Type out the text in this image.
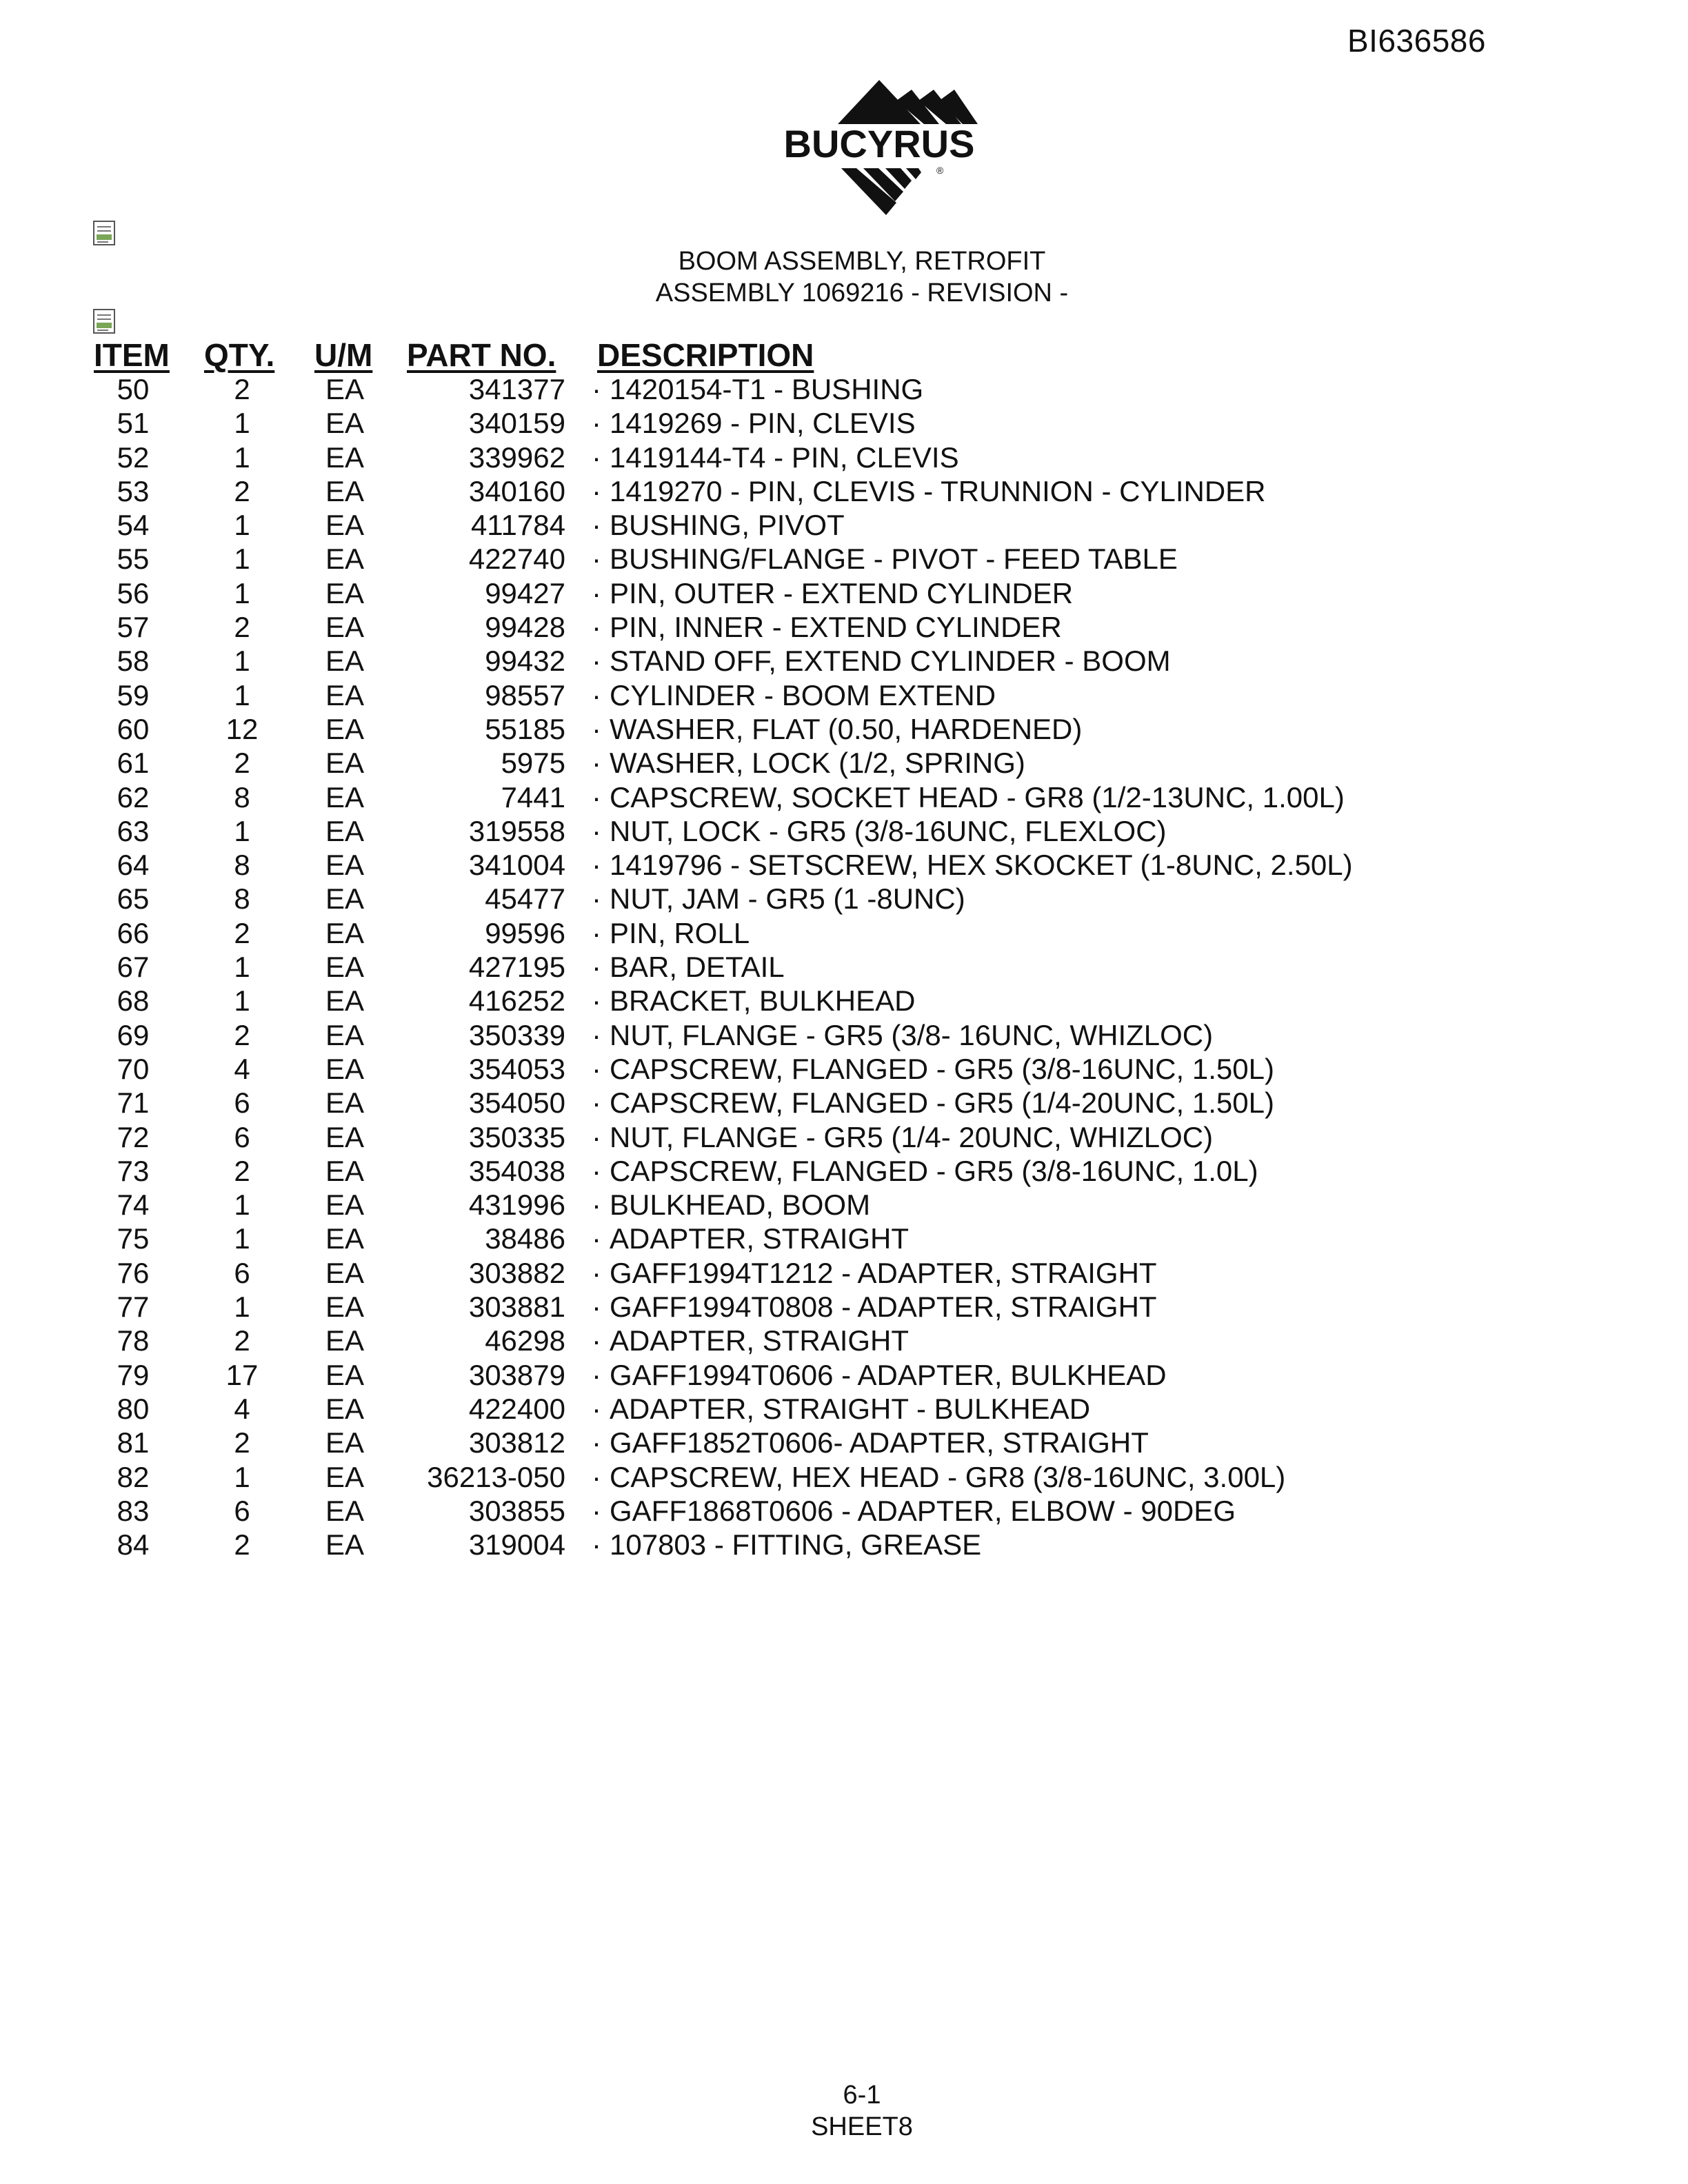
BI636586
BUCYRUS
®
BOOM ASSEMBLY, RETROFIT
ASSEMBLY 1069216 - REVISION -
ITEM QTY. U/M PART NO. DESCRIPTION
50	2	EA	341377	· 1420154-T1 - BUSHING
51	1	EA	340159	· 1419269 - PIN, CLEVIS
52	1	EA	339962	· 1419144-T4 - PIN, CLEVIS
53	2	EA	340160	· 1419270 - PIN, CLEVIS - TRUNNION - CYLINDER
54	1	EA	411784	· BUSHING, PIVOT
55	1	EA	422740	· BUSHING/FLANGE - PIVOT - FEED TABLE
56	1	EA	99427	· PIN, OUTER - EXTEND CYLINDER
57	2	EA	99428	· PIN, INNER - EXTEND CYLINDER
58	1	EA	99432	· STAND OFF, EXTEND CYLINDER - BOOM
59	1	EA	98557	· CYLINDER - BOOM EXTEND
60	12	EA	55185	· WASHER, FLAT (0.50, HARDENED)
61	2	EA	5975	· WASHER, LOCK (1/2, SPRING)
62	8	EA	7441	· CAPSCREW, SOCKET HEAD - GR8 (1/2-13UNC, 1.00L)
63	1	EA	319558	· NUT, LOCK - GR5 (3/8-16UNC, FLEXLOC)
64	8	EA	341004	· 1419796 - SETSCREW, HEX SKOCKET (1-8UNC, 2.50L)
65	8	EA	45477	· NUT, JAM - GR5 (1 -8UNC)
66	2	EA	99596	· PIN, ROLL
67	1	EA	427195	· BAR, DETAIL
68	1	EA	416252	· BRACKET, BULKHEAD
69	2	EA	350339	· NUT, FLANGE - GR5 (3/8- 16UNC, WHIZLOC)
70	4	EA	354053	· CAPSCREW, FLANGED - GR5 (3/8-16UNC, 1.50L)
71	6	EA	354050	· CAPSCREW, FLANGED - GR5 (1/4-20UNC, 1.50L)
72	6	EA	350335	· NUT, FLANGE - GR5 (1/4- 20UNC, WHIZLOC)
73	2	EA	354038	· CAPSCREW, FLANGED - GR5 (3/8-16UNC, 1.0L)
74	1	EA	431996	· BULKHEAD, BOOM
75	1	EA	38486	· ADAPTER, STRAIGHT
76	6	EA	303882	· GAFF1994T1212 - ADAPTER, STRAIGHT
77	1	EA	303881	· GAFF1994T0808 - ADAPTER, STRAIGHT
78	2	EA	46298	· ADAPTER, STRAIGHT
79	17	EA	303879	· GAFF1994T0606 - ADAPTER, BULKHEAD
80	4	EA	422400	· ADAPTER, STRAIGHT - BULKHEAD
81	2	EA	303812	· GAFF1852T0606- ADAPTER, STRAIGHT
82	1	EA	36213-050	· CAPSCREW, HEX HEAD - GR8 (3/8-16UNC, 3.00L)
83	6	EA	303855	· GAFF1868T0606 - ADAPTER, ELBOW - 90DEG
84	2	EA	319004	· 107803 - FITTING, GREASE
6-1
SHEET8
